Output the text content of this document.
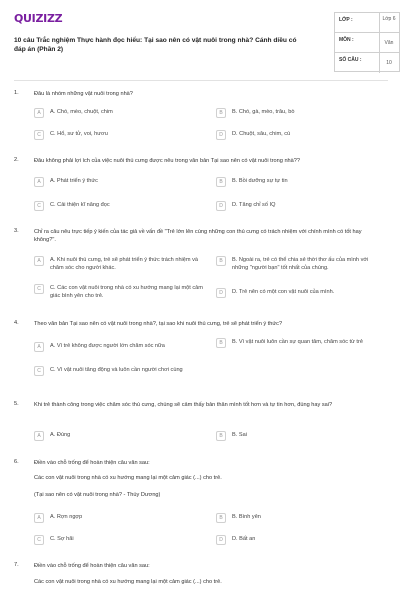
QUIZIZZ
10 câu Trắc nghiệm Thực hành đọc hiểu: Tại sao nên có vật nuôi trong nhà? Cánh diều có đáp án (Phần 2)
LỚP :	Lớp 6
MÔN :	Văn
SỐ CÂU :	10
1.	Đâu là nhóm những vật nuôi trong nhà?
A	A. Chó, mèo, chuột, chim	B	B. Chó, gà, mèo, trâu, bò
C	C. Hổ, sư tử, voi, hươu	D	D. Chuột, sâu, chim, cú
2.	Đâu không phải lợi ích của việc nuôi thú cưng được nêu trong văn bản Tại sao nên có vật nuôi trong nhà??
A	A. Phát triển ý thức	B	B. Bồi dưỡng sự tự tin
C	C. Cải thiện kĩ năng đọc	D	D. Tăng chỉ số IQ
3.	Chỉ ra câu nêu trực tiếp ý kiến của tác giả về vấn đề "Trẻ lớn lên cùng những con thú cưng có trách nhiệm với chính mình có tốt hay không?".
A	A. Khi nuôi thú cưng, trẻ sẽ phát triển ý thức trách nhiệm và chăm sóc cho người khác.
B	B. Ngoài ra, trẻ có thể chia sẻ thời thơ ấu của mình với những "người bạn" tốt nhất của chúng.
C	C. Các con vật nuôi trong nhà có xu hướng mang lại một cảm giác bình yên cho trẻ.	D	D. Trẻ nên có một con vật nuôi của mình.
4.	Theo văn bản Tại sao nên có vật nuôi trong nhà?, tại sao khi nuôi thú cưng, trẻ sẽ phát triển ý thức?
A	A. Vì trẻ không được người lớn chăm sóc nữa	B	B. Vì vật nuôi luôn cần sự quan tâm, chăm sóc từ trẻ
C	C. Vì vật nuôi tăng động và luôn cần người chơi cùng
5.	Khi trẻ thành công trong việc chăm sóc thú cưng, chúng sẽ cảm thấy bản thân mình tốt hơn và tự tin hơn, đúng hay sai?
A	A. Đúng	B	B. Sai
6.	Điền vào chỗ trống để hoàn thiện câu văn sau:
Các con vật nuôi trong nhà có xu hướng mang lại một cảm giác (...) cho trẻ.
(Tại sao nên có vật nuôi trong nhà? - Thúy Dương)
A	A. Rợn ngợp	B	B. Bình yên
C	C. Sợ hãi	D	D. Bất an
7.	Điền vào chỗ trống để hoàn thiện câu văn sau:
Các con vật nuôi trong nhà có xu hướng mang lại một cảm giác (...) cho trẻ.
